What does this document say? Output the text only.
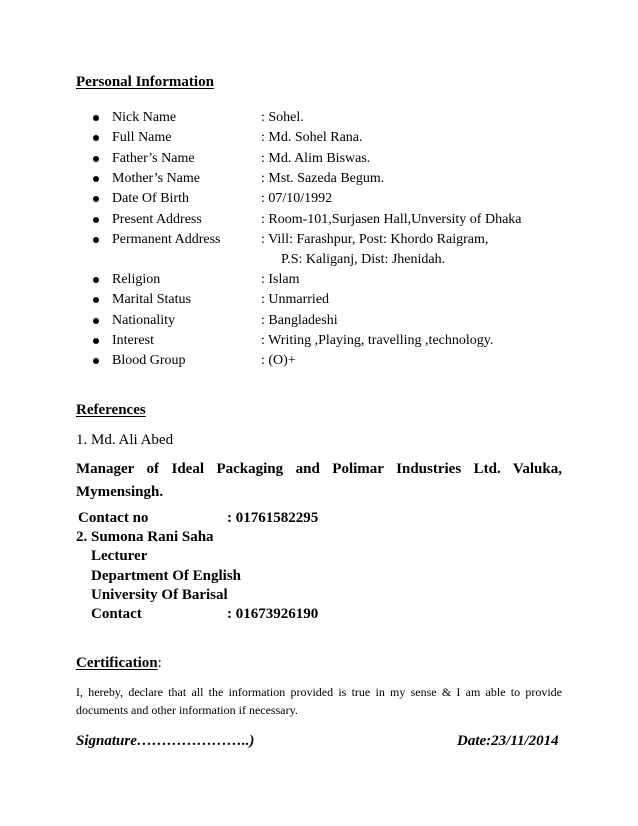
Personal Information
Nick Name	: Sohel.
Full Name	: Md. Sohel Rana.
Father’s Name	: Md. Alim Biswas.
Mother’s Name	: Mst. Sazeda Begum.
Date Of Birth	: 07/10/1992
Present Address	: Room-101,Surjasen Hall,Unversity of Dhaka
Permanent Address	: Vill: Farashpur, Post: Khordo Raigram,
P.S: Kaliganj, Dist: Jhenidah.
Religion	: Islam
Marital Status	: Unmarried
Nationality	: Bangladeshi
Interest	: Writing ,Playing, travelling ,technology.
Blood Group	: (O)+
References
1. Md. Ali Abed
Manager of Ideal Packaging and Polimar Industries Ltd. Valuka,
Mymensingh.
Contact no	: 01761582295
2. Sumona Rani Saha
Lecturer
Department Of English
University Of Barisal
Contact	: 01673926190
Certification:
I, hereby, declare that all the information provided is true in my sense & I am able to provide
documents and other information if necessary.
Signature…………………..)	Date:23/11/2014
